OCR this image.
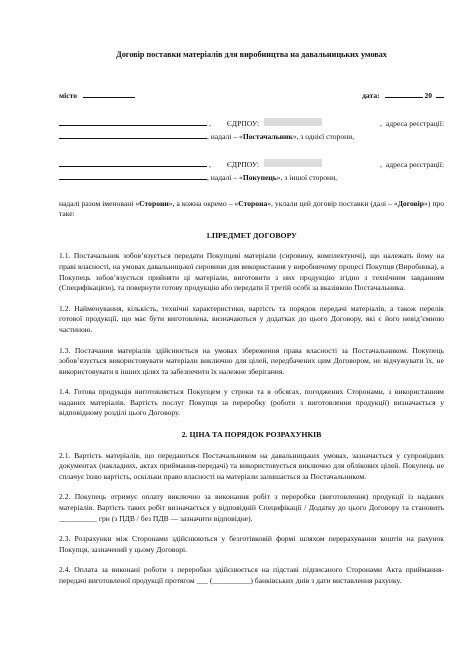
Договір поставки матеріалів для виробництва на давальницьких умовах
місто	дата:	20
, ЄДРПОУ:	, адреса реєстрації:
, надалі – «Постачальник», з однієї сторони,
, ЄДРПОУ:	, адреса реєстрації:
, надалі – «Покупець», з іншої сторони,

надалі разом іменовані «Сторони», а кожна окремо – «Сторона», уклали цей договір поставки (далі – «Договір») про таке:

1.ПРЕДМЕТ ДОГОВОРУ

1.1. Постачальник зобов’язується передати Покупцеві матеріали (сировину, комплектуючі), що належать йому на праві власності, на умовах давальницької сировини для використання у виробничому процесі Покупця (Виробника), а Покупець зобов’язується прийняти ці матеріали, виготовити з них продукцію згідно з технічним завданням (Специфікацією), та повернути готову продукцію або передати її третій особі за вказівкою Постачальника.

1.2. Найменування, кількість, технічні характеристики, вартість та порядок передачі матеріалів, а також перелік готової продукції, що має бути виготовлена, визначаються у додатках до цього Договору, які є його невід’ємною частиною.

1.3. Постачання матеріалів здійснюється на умовах збереження права власності за Постачальником. Покупець зобов’язується використовувати матеріали виключно для цілей, передбачених цим Договором, не відчужувати їх, не використовувати в інших цілях та забезпечити їх належне зберігання.

1.4. Готова продукція виготовляється Покупцем у строки та в обсягах, погоджених Сторонами, з використанням наданих матеріалів. Вартість послуг Покупця за переробку (роботи з виготовлення продукції) визначається у відповідному розділі цього Договору.

2. ЦІНА ТА ПОРЯДОК РОЗРАХУНКІВ

2.1. Вартість матеріалів, що передаються Постачальником на давальницьких умовах, зазначається у супровідних документах (накладних, актах приймання-передачі) та використовується виключно для облікових цілей. Покупець не сплачує їхню вартість, оскільки право власності на матеріали залишається за Постачальником.

2.2. Покупець отримує оплату виключно за виконання робіт з переробки (виготовлення) продукції із наданих матеріалів. Вартість таких робіт визначається у відповідній Специфікації / Додатку до цього Договору та становить __________ грн (з ПДВ / без ПДВ — зазначити відповідне).

2.3. Розрахунки між Сторонами здійснюються у безготівковій формі шляхом перерахування коштів на рахунок Покупця, зазначений у цьому Договорі.

2.4. Оплата за виконані роботи з переробки здійснюється на підставі підписаного Сторонами Акта приймання-передачі виготовленої продукції протягом ___ (__________) банківських днів з дати виставлення рахунку.
